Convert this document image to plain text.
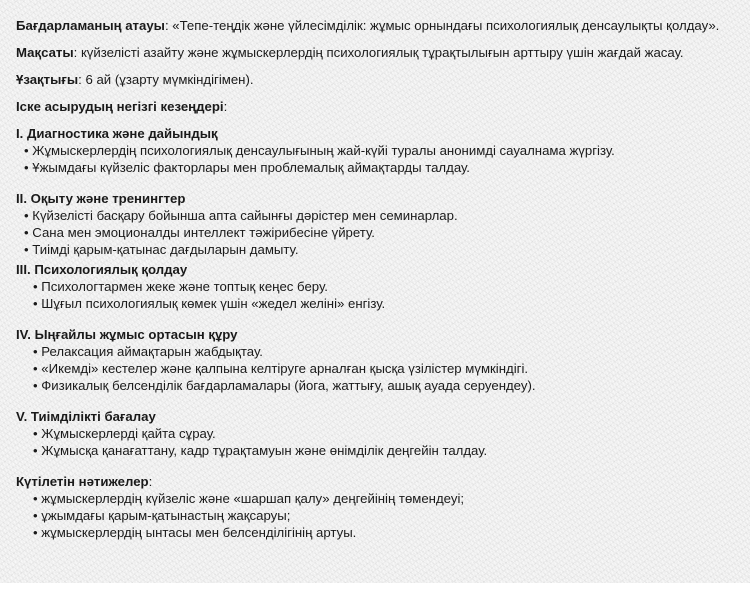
Бағдарламаның атауы: «Тепе-теңдік және үйлесімділік: жұмыс орнындағы психологиялық денсаулықты қолдау».

Мақсаты: күйзелісті азайту және жұмыскерлердің психологиялық тұрақтылығын арттыру үшін жағдай жасау.

Ұзақтығы: 6 ай (ұзарту мүмкіндігімен).

Іске асырудың негізгі кезеңдері:

I. Диагностика және дайындық

• Жұмыскерлердің психологиялық денсаулығының жай-күйі туралы анонимді сауалнама жүргізу.
• Ұжымдағы күйзеліс факторлары мен проблемалық аймақтарды талдау.

II. Оқыту және тренингтер

• Күйзелісті басқару бойынша апта сайынғы дәрістер мен семинарлар.
• Сана мен эмоционалды интеллект тәжірибесіне үйрету.
• Тиімді қарым-қатынас дағдыларын дамыту.

III. Психологиялық қолдау

• Психологтармен жеке және топтық кеңес беру.
• Шұғыл психологиялық көмек үшін «жедел желіні» енгізу.

IV. Ыңғайлы жұмыс ортасын құру

• Релаксация аймақтарын жабдықтау.
• «Икемді» кестелер және қалпына келтіруге арналған қысқа үзілістер мүмкіндігі.
• Физикалық белсенділік бағдарламалары (йога, жаттығу, ашық ауада серуендеу).

V. Тиімділікті бағалау

• Жұмыскерлерді қайта сұрау.
• Жұмысқа қанағаттану, кадр тұрақтамуын және өнімділік деңгейін талдау.

Күтілетін нәтижелер:

• жұмыскерлердің күйзеліс және «шаршап қалу» деңгейінің төмендеуі;
• ұжымдағы қарым-қатынастың жақсаруы;
• жұмыскерлердің ынтасы мен белсенділігінің артуы.
